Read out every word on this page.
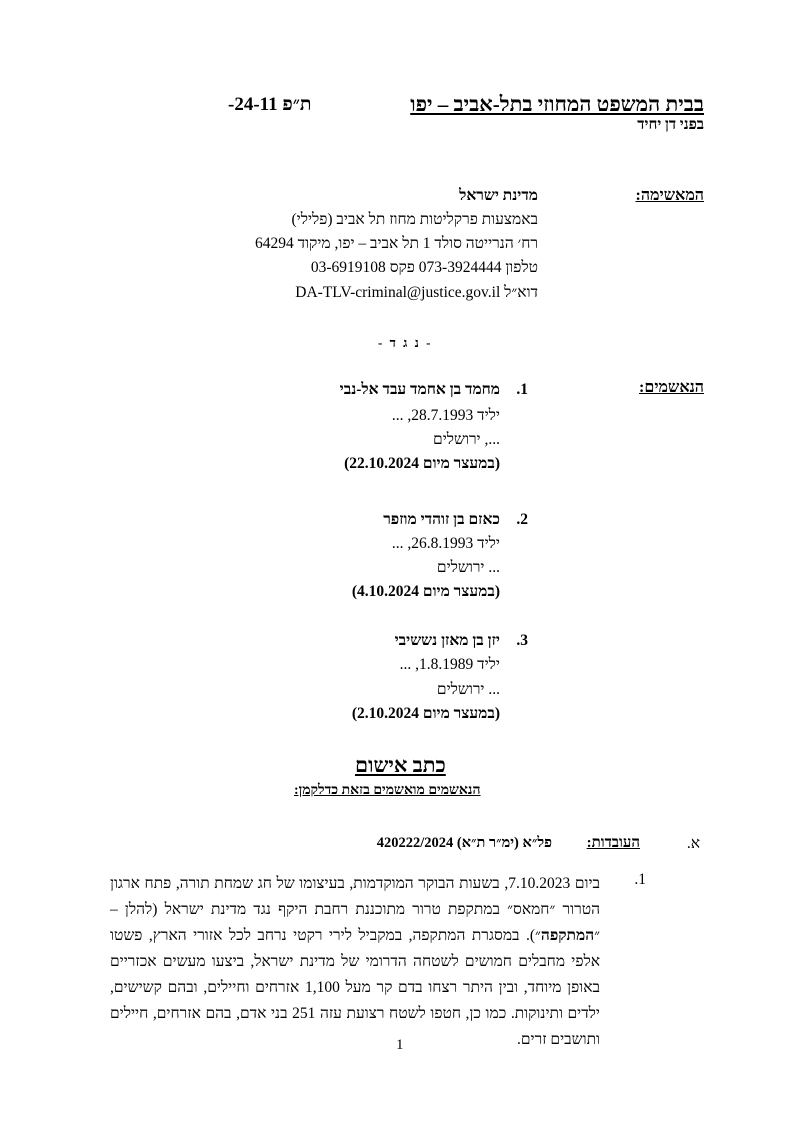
בבית המשפט המחוזי בתל-אביב – יפו
ת״פ 24-11-
בפני דן יחיד
המאשימה:
מדינת ישראל
באמצעות פרקליטות מחוז תל אביב (פלילי)
רח׳ הנרייטה סולד 1 תל אביב – יפו, מיקוד 64294
טלפון 073-3924444 פקס 03-6919108
דוא״ל DA-TLV-criminal@justice.gov.il
- נ ג ד -
הנאשמים:
1.
מחמד בן אחמד עבד אל-נבי
יליד 28.7.1993, ...
..., ירושלים
(במעצר מיום 22.10.2024)
2.
כאזם בן זוהדי מוזפר
יליד 26.8.1993, ...
... ירושלים
(במעצר מיום 4.10.2024)
3.
יזן בן מאזן נששיבי
יליד 1.8.1989, ...
... ירושלים
(במעצר מיום 2.10.2024)
כתב אישום
הנאשמים מואשמים בזאת כדלקמן:
א.
העובדות:
פל״א (ימ״ר ת״א) 420222/2024
1.
ביום 7.10.2023, בשעות הבוקר המוקדמות, בעיצומו של חג שמחת תורה, פתח ארגון הטרור ״חמאס״ במתקפת טרור מתוכננת רחבת היקף נגד מדינת ישראל (להלן – ״המתקפה״). במסגרת המתקפה, במקביל לירי רקטי נרחב לכל אזורי הארץ, פשטו אלפי מחבלים חמושים לשטחה הדרומי של מדינת ישראל, ביצעו מעשים אכזריים באופן מיוחד, ובין היתר רצחו בדם קר מעל 1,100 אזרחים וחיילים, ובהם קשישים, ילדים ותינוקות. כמו כן, חטפו לשטח רצועת עזה 251 בני אדם, בהם אזרחים, חיילים ותושבים זרים.
1
